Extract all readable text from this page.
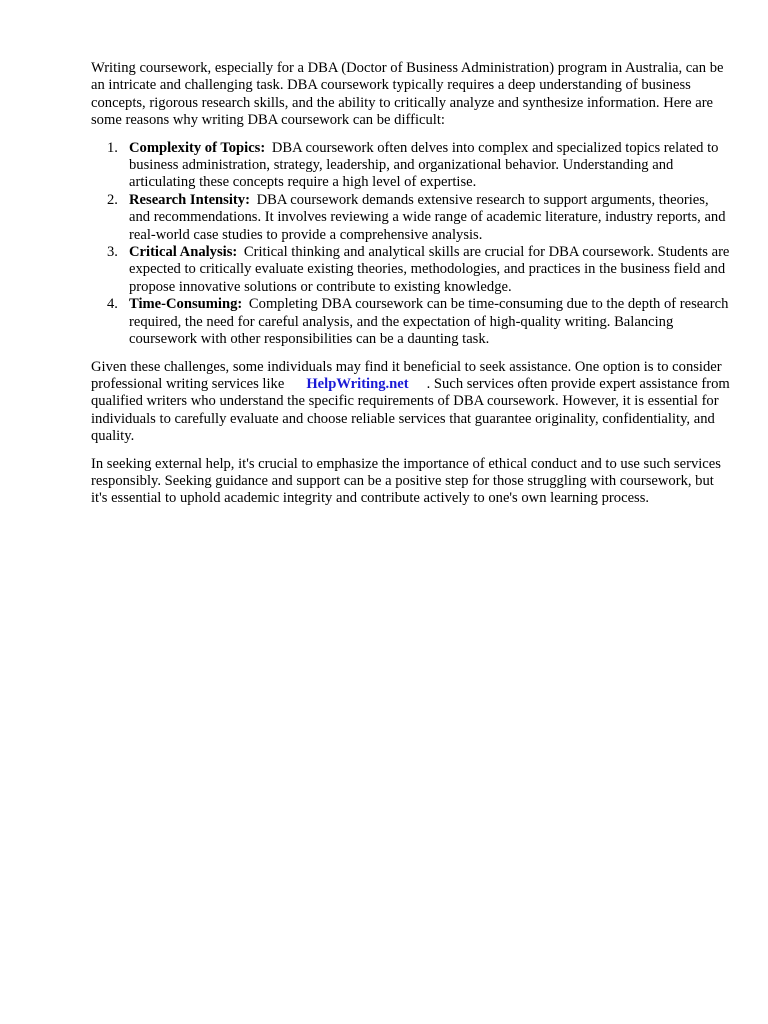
Writing coursework, especially for a DBA (Doctor of Business Administration) program in Australia, can be an intricate and challenging task. DBA coursework typically requires a deep understanding of business concepts, rigorous research skills, and the ability to critically analyze and synthesize information. Here are some reasons why writing DBA coursework can be difficult:

1. Complexity of Topics: DBA coursework often delves into complex and specialized topics related to business administration, strategy, leadership, and organizational behavior. Understanding and articulating these concepts require a high level of expertise.
2. Research Intensity: DBA coursework demands extensive research to support arguments, theories, and recommendations. It involves reviewing a wide range of academic literature, industry reports, and real-world case studies to provide a comprehensive analysis.
3. Critical Analysis: Critical thinking and analytical skills are crucial for DBA coursework. Students are expected to critically evaluate existing theories, methodologies, and practices in the business field and propose innovative solutions or contribute to existing knowledge.
4. Time-Consuming: Completing DBA coursework can be time-consuming due to the depth of research required, the need for careful analysis, and the expectation of high-quality writing. Balancing coursework with other responsibilities can be a daunting task.

Given these challenges, some individuals may find it beneficial to seek assistance. One option is to consider professional writing services like HelpWriting.net . Such services often provide expert assistance from qualified writers who understand the specific requirements of DBA coursework. However, it is essential for individuals to carefully evaluate and choose reliable services that guarantee originality, confidentiality, and quality.

In seeking external help, it's crucial to emphasize the importance of ethical conduct and to use such services responsibly. Seeking guidance and support can be a positive step for those struggling with coursework, but it's essential to uphold academic integrity and contribute actively to one's own learning process.
